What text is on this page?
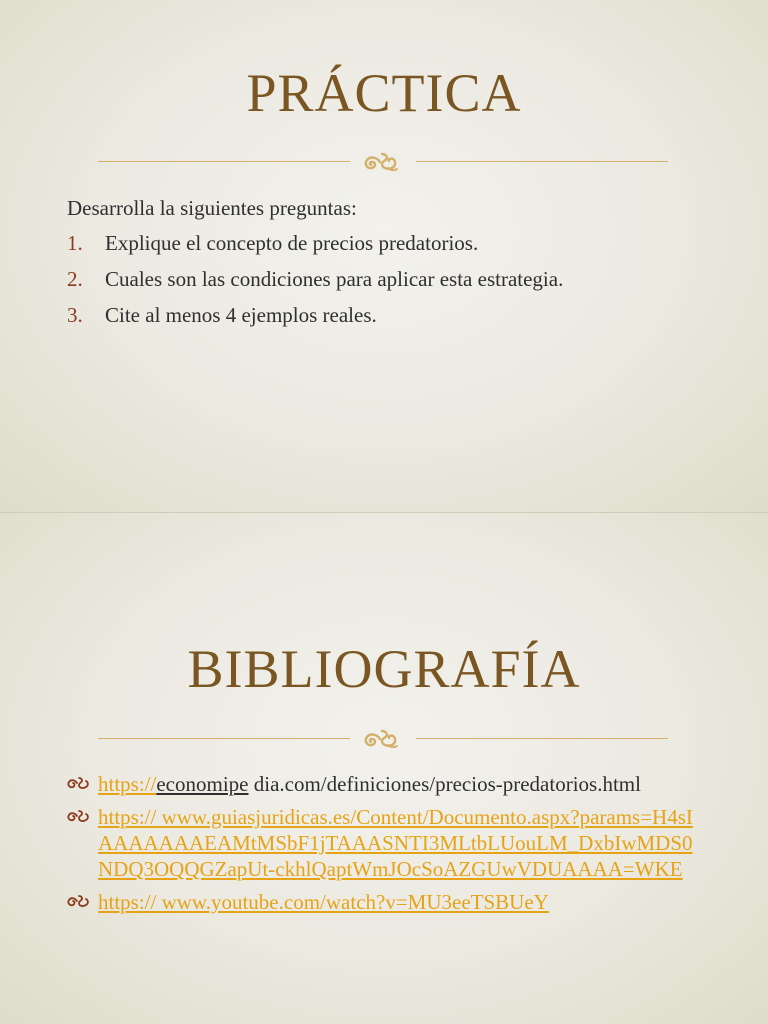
PRÁCTICA
Desarrolla la siguientes preguntas:
1. Explique el concepto de precios predatorios.
2. Cuales son las condiciones para aplicar esta estrategia.
3. Cite al menos 4 ejemplos reales.
BIBLIOGRAFÍA
https://economipe dia.com/definiciones/precios-predatorios.html
https:// www.guiasjuridicas.es/Content/Documento.aspx?params=H4sIAAAAAAAEAMtMSbF1jTAAASNTI3MLtbLUouLM_DxbIwMDS0NDQ3OQQGZapUt-ckhlQaptWmJOcSoAZGUwVDUAAAA=WKE
https:// www.youtube.com/watch?v=MU3eeTSBUeY
